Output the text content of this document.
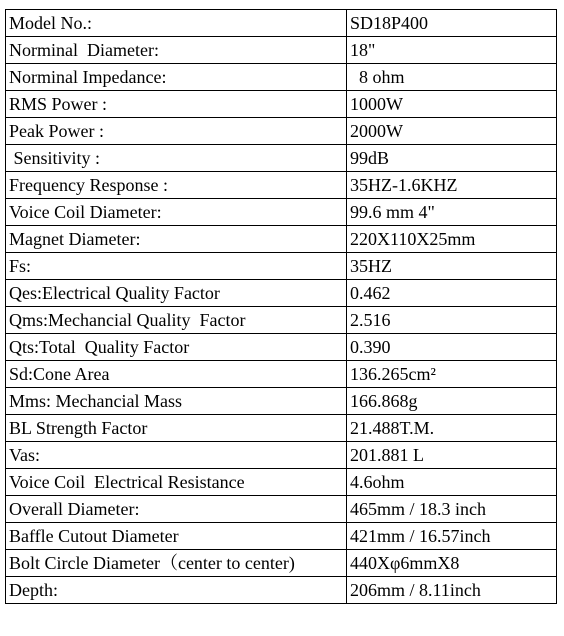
Model No.:	SD18P400
Norminal  Diameter:	18"
Norminal Impedance:	8 ohm
RMS Power :	1000W
Peak Power :	2000W
Sensitivity :	99dB
Frequency Response :	35HZ-1.6KHZ
Voice Coil Diameter:	99.6 mm 4"
Magnet Diameter:	220X110X25mm
Fs:	35HZ
Qes:Electrical Quality Factor	0.462
Qms:Mechancial Quality  Factor	2.516
Qts:Total  Quality Factor	0.390
Sd:Cone Area	136.265cm²
Mms: Mechancial Mass	166.868g
BL Strength Factor	21.488T.M.
Vas:	201.881 L
Voice Coil  Electrical Resistance	4.6ohm
Overall Diameter:	465mm / 18.3 inch
Baffle Cutout Diameter	421mm / 16.57inch
Bolt Circle Diameter（center to center)	440Xφ6mmX8
Depth:	206mm / 8.11inch
